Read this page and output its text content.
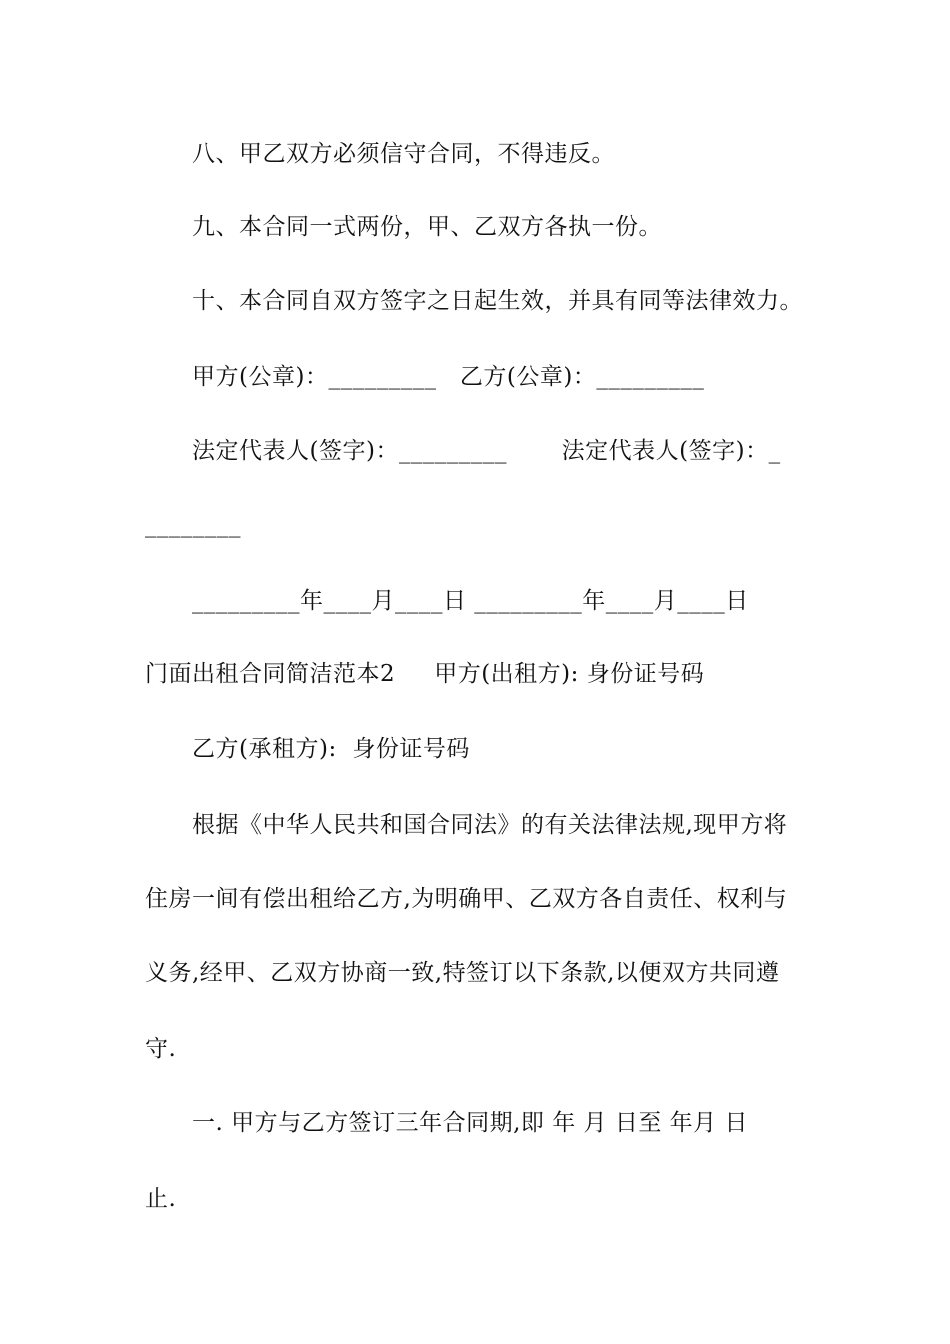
八、甲乙双方必须信守合同，不得违反。
九、本合同一式两份，甲、乙双方各执一份。
十、本合同自双方签字之日起生效，并具有同等法律效力。
甲方(公章)：_________   乙方(公章)：_________
法定代表人(签字)：_________       法定代表人(签字)：_
________
_________年____月____日 _________年____月____日
门面出租合同简洁范本2     甲方(出租方): 身份证号码
乙方(承租方):  身份证号码
根据《中华人民共和国合同法》的有关法律法规,现甲方将
住房一间有偿出租给乙方,为明确甲、乙双方各自责任、权利与
义务,经甲、乙双方协商一致,特签订以下条款,以便双方共同遵
守.
一. 甲方与乙方签订三年合同期,即 年 月 日至 年月 日
止.
